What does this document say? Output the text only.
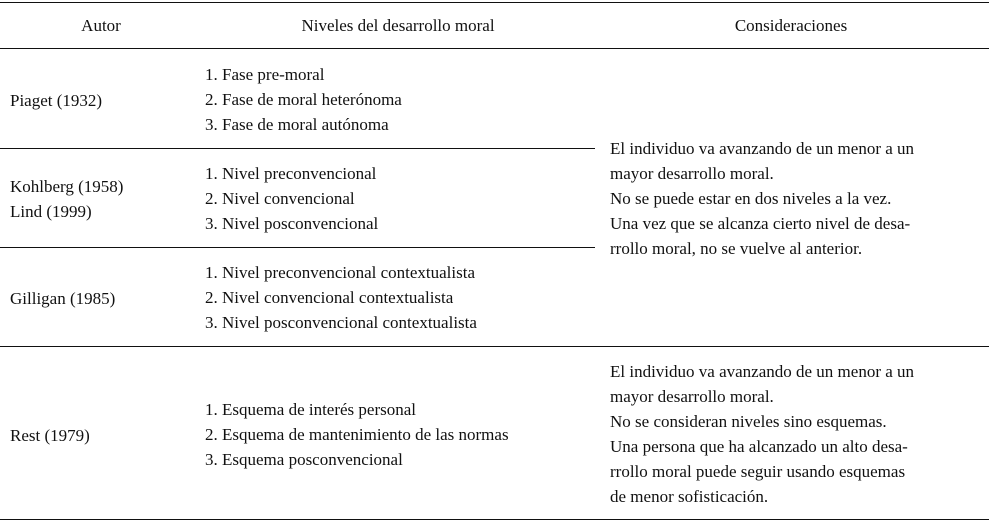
Autor	Niveles del desarrollo moral	Consideraciones
Piaget (1932)
1. Fase pre-moral
2. Fase de moral heterónoma
3. Fase de moral autónoma
Kohlberg (1958)
Lind (1999)
1. Nivel preconvencional
2. Nivel convencional
3. Nivel posconvencional
Gilligan (1985)
1. Nivel preconvencional contextualista
2. Nivel convencional contextualista
3. Nivel posconvencional contextualista
El individuo va avanzando de un menor a un
mayor desarrollo moral.
No se puede estar en dos niveles a la vez.
Una vez que se alcanza cierto nivel de desa-
rrollo moral, no se vuelve al anterior.
Rest (1979)
1. Esquema de interés personal
2. Esquema de mantenimiento de las normas
3. Esquema posconvencional
El individuo va avanzando de un menor a un
mayor desarrollo moral.
No se consideran niveles sino esquemas.
Una persona que ha alcanzado un alto desa-
rrollo moral puede seguir usando esquemas
de menor sofisticación.
